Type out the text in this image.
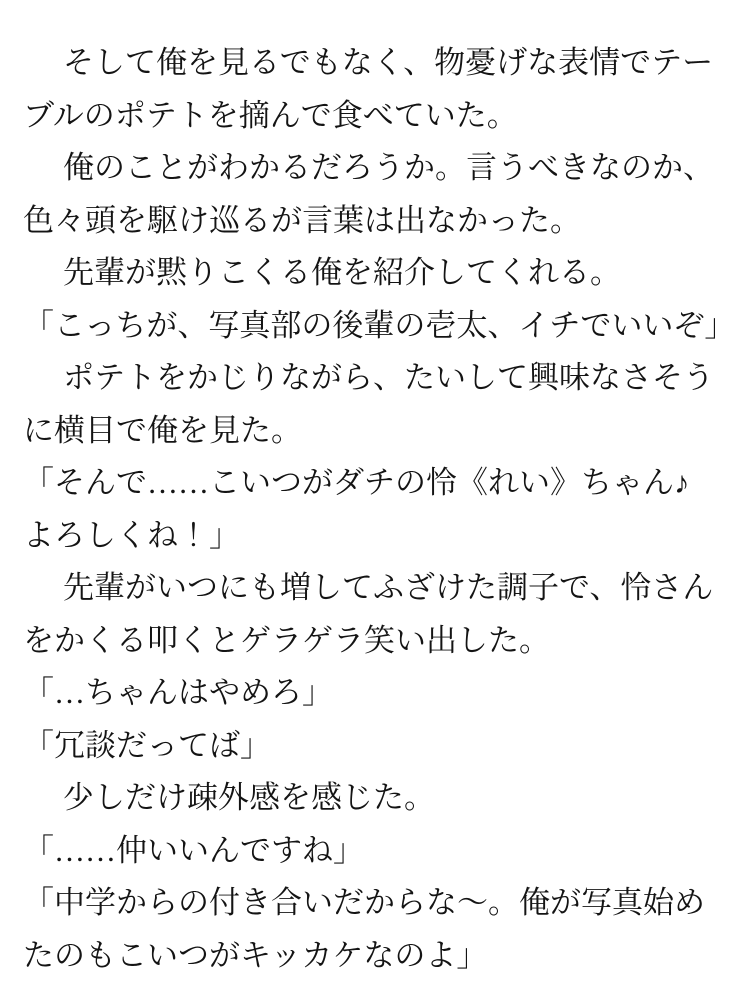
そして俺を見るでもなく、物憂げな表情でテー
ブルのポテトを摘んで食べていた。
俺のことがわかるだろうか。言うべきなのか、
色々頭を駆け巡るが言葉は出なかった。
先輩が黙りこくる俺を紹介してくれる。
「こっちが、写真部の後輩の壱太、イチでいいぞ」
ポテトをかじりながら、たいして興味なさそう
に横目で俺を見た。
「そんで……こいつがダチの怜《れい》ちゃん♪
よろしくね！」
先輩がいつにも増してふざけた調子で、怜さん
をかくる叩くとゲラゲラ笑い出した。
「…ちゃんはやめろ」
「冗談だってば」
少しだけ疎外感を感じた。
「……仲いいんですね」
「中学からの付き合いだからな〜。俺が写真始め
たのもこいつがキッカケなのよ」
